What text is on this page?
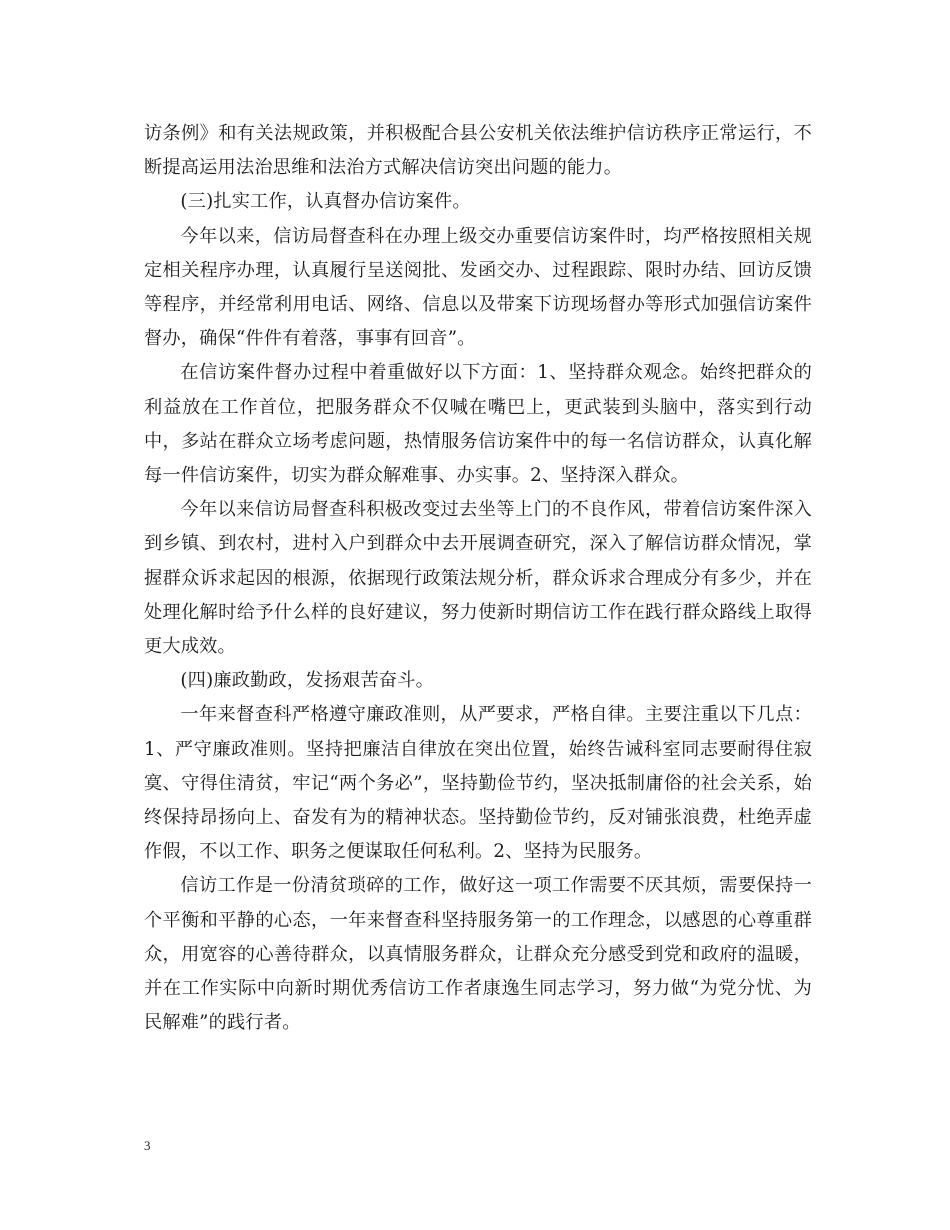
访条例》和有关法规政策，并积极配合县公安机关依法维护信访秩序正常运行，不断提高运用法治思维和法治方式解决信访突出问题的能力。

(三)扎实工作，认真督办信访案件。

今年以来，信访局督查科在办理上级交办重要信访案件时，均严格按照相关规定相关程序办理，认真履行呈送阅批、发函交办、过程跟踪、限时办结、回访反馈等程序，并经常利用电话、网络、信息以及带案下访现场督办等形式加强信访案件督办，确保“件件有着落，事事有回音”。

在信访案件督办过程中着重做好以下方面：1、坚持群众观念。始终把群众的利益放在工作首位，把服务群众不仅喊在嘴巴上，更武装到头脑中，落实到行动中，多站在群众立场考虑问题，热情服务信访案件中的每一名信访群众，认真化解每一件信访案件，切实为群众解难事、办实事。2、坚持深入群众。

今年以来信访局督查科积极改变过去坐等上门的不良作风，带着信访案件深入到乡镇、到农村，进村入户到群众中去开展调查研究，深入了解信访群众情况，掌握群众诉求起因的根源，依据现行政策法规分析，群众诉求合理成分有多少，并在处理化解时给予什么样的良好建议，努力使新时期信访工作在践行群众路线上取得更大成效。

(四)廉政勤政，发扬艰苦奋斗。

一年来督查科严格遵守廉政准则，从严要求，严格自律。主要注重以下几点：1、严守廉政准则。坚持把廉洁自律放在突出位置，始终告诫科室同志要耐得住寂寞、守得住清贫，牢记“两个务必”，坚持勤俭节约，坚决抵制庸俗的社会关系，始终保持昂扬向上、奋发有为的精神状态。坚持勤俭节约，反对铺张浪费，杜绝弄虚作假，不以工作、职务之便谋取任何私利。2、坚持为民服务。

信访工作是一份清贫琐碎的工作，做好这一项工作需要不厌其烦，需要保持一个平衡和平静的心态，一年来督查科坚持服务第一的工作理念，以感恩的心尊重群众，用宽容的心善待群众，以真情服务群众，让群众充分感受到党和政府的温暖，并在工作实际中向新时期优秀信访工作者康逸生同志学习，努力做“为党分忧、为民解难”的践行者。

3
